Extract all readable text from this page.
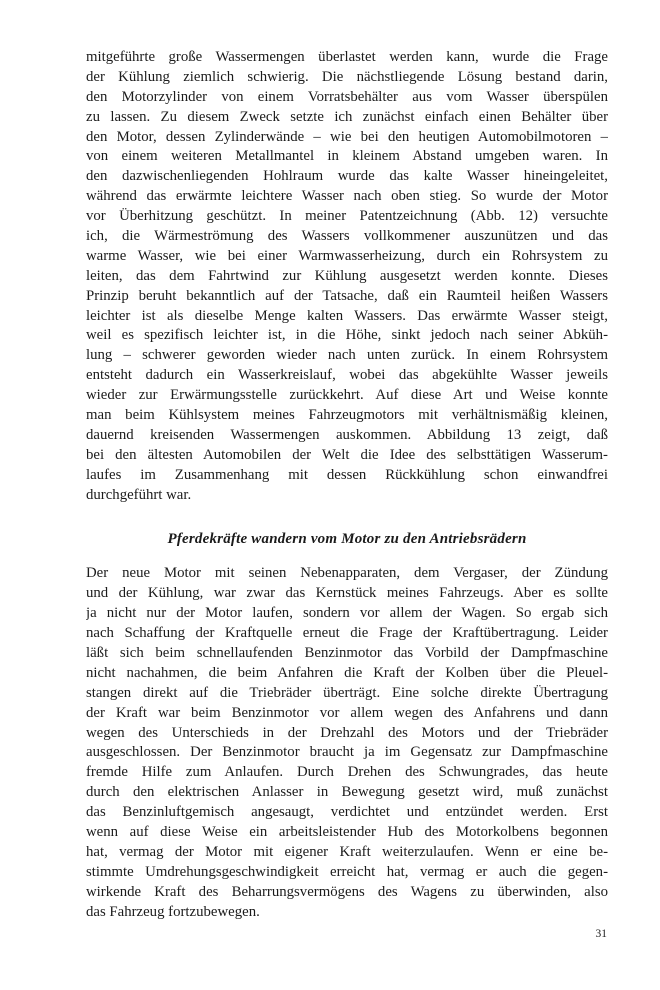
mitgeführte große Wassermengen überlastet werden kann, wurde die Frage
der Kühlung ziemlich schwierig. Die nächstliegende Lösung bestand darin,
den Motorzylinder von einem Vorratsbehälter aus vom Wasser überspülen
zu lassen. Zu diesem Zweck setzte ich zunächst einfach einen Behälter über
den Motor, dessen Zylinderwände – wie bei den heutigen Automobilmotoren –
von einem weiteren Metallmantel in kleinem Abstand umgeben waren. In
den dazwischenliegenden Hohlraum wurde das kalte Wasser hineingeleitet,
während das erwärmte leichtere Wasser nach oben stieg. So wurde der Motor
vor Überhitzung geschützt. In meiner Patentzeichnung (Abb. 12) versuchte
ich, die Wärmeströmung des Wassers vollkommener auszunützen und das
warme Wasser, wie bei einer Warmwasserheizung, durch ein Rohrsystem zu
leiten, das dem Fahrtwind zur Kühlung ausgesetzt werden konnte. Dieses
Prinzip beruht bekanntlich auf der Tatsache, daß ein Raumteil heißen Wassers
leichter ist als dieselbe Menge kalten Wassers. Das erwärmte Wasser steigt,
weil es spezifisch leichter ist, in die Höhe, sinkt jedoch nach seiner Abküh-
lung – schwerer geworden wieder nach unten zurück. In einem Rohrsystem
entsteht dadurch ein Wasserkreislauf, wobei das abgekühlte Wasser jeweils
wieder zur Erwärmungsstelle zurückkehrt. Auf diese Art und Weise konnte
man beim Kühlsystem meines Fahrzeugmotors mit verhältnismäßig kleinen,
dauernd kreisenden Wassermengen auskommen. Abbildung 13 zeigt, daß
bei den ältesten Automobilen der Welt die Idee des selbsttätigen Wasserum-
laufes im Zusammenhang mit dessen Rückkühlung schon einwandfrei
durchgeführt war.
Pferdekräfte wandern vom Motor zu den Antriebsrädern
Der neue Motor mit seinen Nebenapparaten, dem Vergaser, der Zündung
und der Kühlung, war zwar das Kernstück meines Fahrzeugs. Aber es sollte
ja nicht nur der Motor laufen, sondern vor allem der Wagen. So ergab sich
nach Schaffung der Kraftquelle erneut die Frage der Kraftübertragung. Leider
läßt sich beim schnellaufenden Benzinmotor das Vorbild der Dampfmaschine
nicht nachahmen, die beim Anfahren die Kraft der Kolben über die Pleuel-
stangen direkt auf die Triebräder überträgt. Eine solche direkte Übertragung
der Kraft war beim Benzinmotor vor allem wegen des Anfahrens und dann
wegen des Unterschieds in der Drehzahl des Motors und der Triebräder
ausgeschlossen. Der Benzinmotor braucht ja im Gegensatz zur Dampfmaschine
fremde Hilfe zum Anlaufen. Durch Drehen des Schwungrades, das heute
durch den elektrischen Anlasser in Bewegung gesetzt wird, muß zunächst
das Benzinluftgemisch angesaugt, verdichtet und entzündet werden. Erst
wenn auf diese Weise ein arbeitsleistender Hub des Motorkolbens begonnen
hat, vermag der Motor mit eigener Kraft weiterzulaufen. Wenn er eine be-
stimmte Umdrehungsgeschwindigkeit erreicht hat, vermag er auch die gegen-
wirkende Kraft des Beharrungsvermögens des Wagens zu überwinden, also
das Fahrzeug fortzubewegen.
31
